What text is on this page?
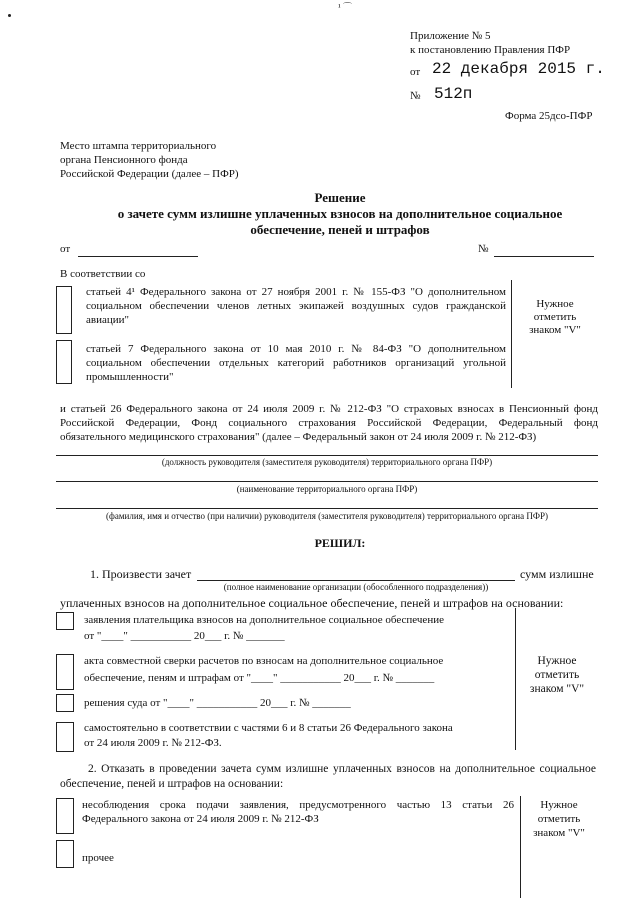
¹ ⌒
Приложение № 5
к постановлению Правления ПФР
от 22 декабря 2015 г.
№ 512п
Форма 25дсо-ПФР
Место штампа территориального
органа Пенсионного фонда
Российской Федерации (далее – ПФР)
Решение
о зачете сумм излишне уплаченных взносов на дополнительное социальное
обеспечение, пеней и штрафов
от	№
В соответствии со
статьей 4¹ Федерального закона от 27 ноября 2001 г. № 155-ФЗ "О дополнительном социальном обеспечении членов летных экипажей воздушных судов гражданской авиации"
статьей 7 Федерального закона от 10 мая 2010 г. № 84-ФЗ "О дополнительном социальном обеспечении отдельных категорий работников организаций угольной промышленности"
Нужное отметить знаком "V"
и статьей 26 Федерального закона от 24 июля 2009 г. № 212-ФЗ "О страховых взносах в Пенсионный фонд Российской Федерации, Фонд социального страхования Российской Федерации, Федеральный фонд обязательного медицинского страхования" (далее – Федеральный закон от 24 июля 2009 г. № 212-ФЗ)
(должность руководителя (заместителя руководителя) территориального органа ПФР)
(наименование территориального органа ПФР)
(фамилия, имя и отчество (при наличии) руководителя (заместителя руководителя) территориального органа ПФР)
РЕШИЛ:
1. Произвести зачет	сумм излишне
(полное наименование организации (обособленного подразделения))
уплаченных взносов на дополнительное социальное обеспечение, пеней и штрафов на основании:
Нужное отметить знаком "V"
заявления плательщика взносов на дополнительное социальное обеспечение
от "____" ___________ 20___ г. № _______
акта совместной сверки расчетов по взносам на дополнительное социальное
обеспечение, пеням и штрафам от "____" ___________ 20___ г. № _______
решения суда от "____" ___________ 20___ г. № _______
самостоятельно в соответствии с частями 6 и 8 статьи 26 Федерального закона
от 24 июля 2009 г. № 212-ФЗ.
2. Отказать в проведении зачета сумм излишне уплаченных взносов на дополнительное социальное обеспечение, пеней и штрафов на основании:
Нужное отметить знаком "V"
несоблюдения срока подачи заявления, предусмотренного частью 13 статьи 26 Федерального закона от 24 июля 2009 г. № 212-ФЗ
прочее
